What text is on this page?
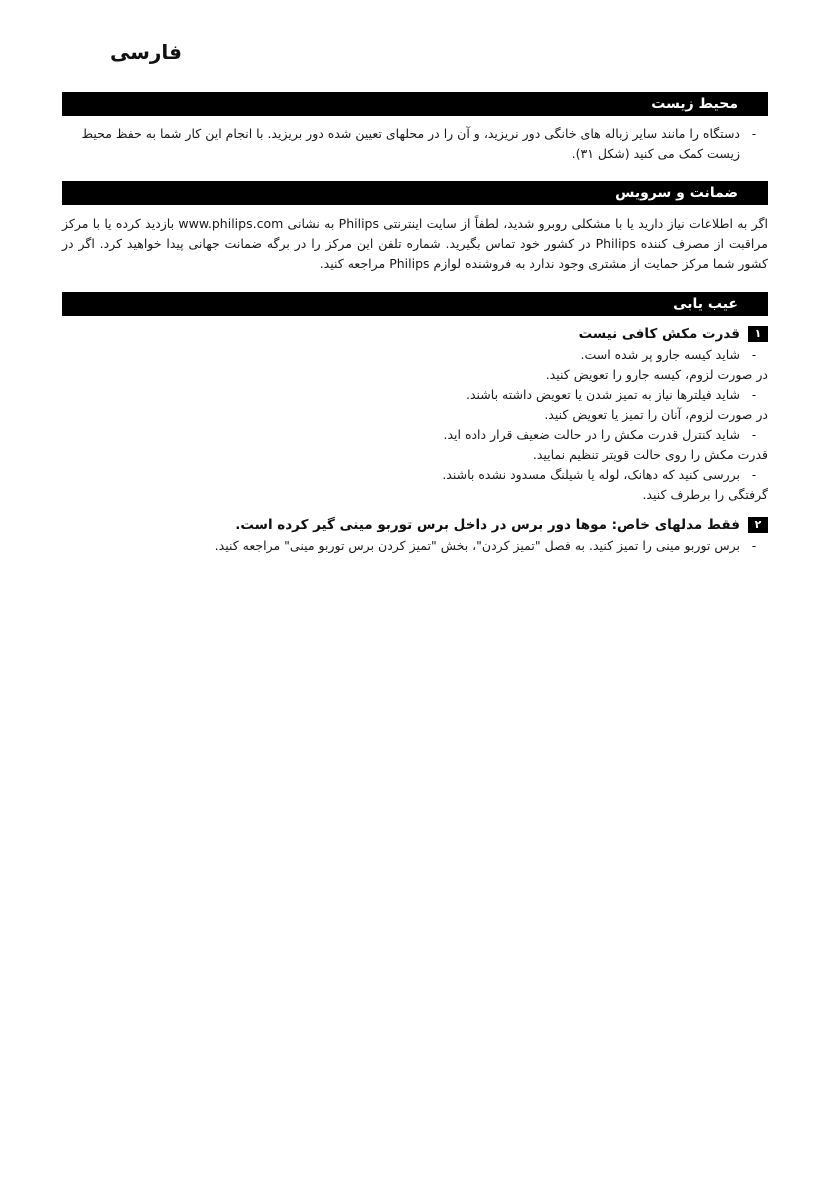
فارسی
محیط زیست
-دستگاه را مانند سایر زباله های خانگی دور نریزید، و آن را در محلهای تعیین شده دور بریزید. با انجام این کار شما به حفظ محیط زیست کمک می کنید (شکل ۳۱).
ضمانت و سرویس
اگر به اطلاعات نیاز دارید یا با مشکلی روبرو شدید، لطفاً از سایت اینترنتی Philips به نشانی www.philips.com بازدید کرده یا با مرکز مراقبت از مصرف کننده Philips در کشور خود تماس بگیرید. شماره تلفن این مرکز را در برگه ضمانت جهانی پیدا خواهید کرد. اگر در کشور شما مرکز حمایت از مشتری وجود ندارد به فروشنده لوازم Philips مراجعه کنید.
عیب یابی
۱قدرت مکش کافی نیست
-شاید کیسه جارو پر شده است.
در صورت لزوم، کیسه جارو را تعویض کنید.
-شاید فیلترها نیاز به تمیز شدن یا تعویض داشته باشند.
در صورت لزوم، آنان را تمیز یا تعویض کنید.
-شاید کنترل قدرت مکش را در حالت ضعیف قرار داده اید.
قدرت مکش را روی حالت قویتر تنظیم نمایید.
-بررسی کنید که دهانک، لوله یا شیلنگ مسدود نشده باشند.
گرفتگی را برطرف کنید.
۲فقط مدلهای خاص: موها دور برس در داخل برس توربو مینی گیر کرده است.
-برس توربو مینی را تمیز کنید. به فصل "تمیز کردن"، بخش "تمیز کردن برس توربو مینی" مراجعه کنید.
